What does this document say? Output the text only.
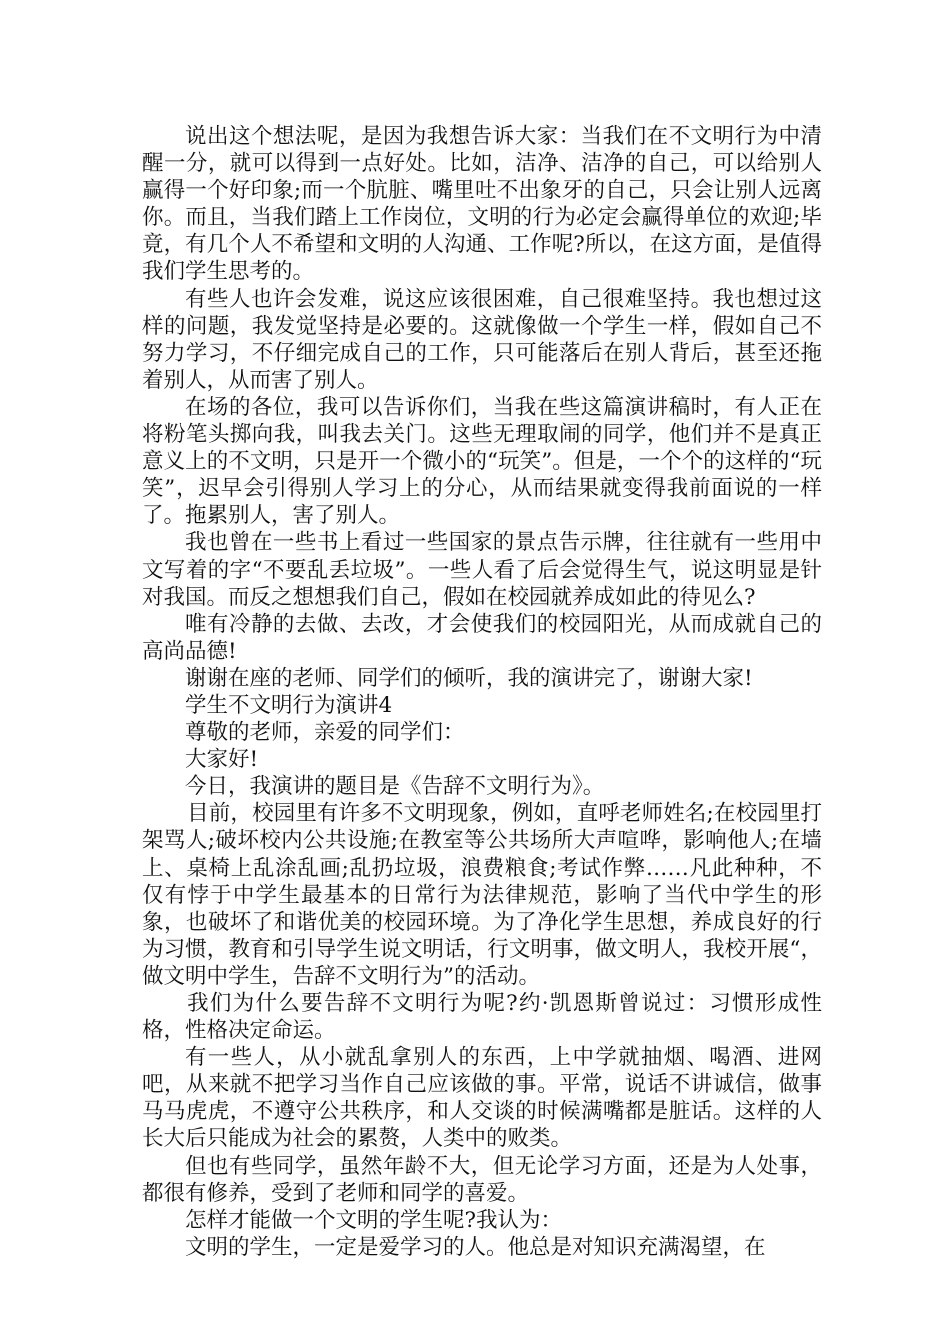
说出这个想法呢，是因为我想告诉大家：当我们在不文明行为中清醒一分，就可以得到一点好处。比如，洁净、洁净的自己，可以给别人赢得一个好印象;而一个肮脏、嘴里吐不出象牙的自己，只会让别人远离你。而且，当我们踏上工作岗位，文明的行为必定会赢得单位的欢迎;毕竟，有几个人不希望和文明的人沟通、工作呢?所以，在这方面，是值得我们学生思考的。

有些人也许会发难，说这应该很困难，自己很难坚持。我也想过这样的问题，我发觉坚持是必要的。这就像做一个学生一样，假如自己不努力学习，不仔细完成自己的工作，只可能落后在别人背后，甚至还拖着别人，从而害了别人。

在场的各位，我可以告诉你们，当我在些这篇演讲稿时，有人正在将粉笔头掷向我，叫我去关门。这些无理取闹的同学，他们并不是真正意义上的不文明，只是开一个微小的“玩笑”。但是，一个个的这样的“玩笑”，迟早会引得别人学习上的分心，从而结果就变得我前面说的一样了。拖累别人，害了别人。

我也曾在一些书上看过一些国家的景点告示牌，往往就有一些用中文写着的字“不要乱丢垃圾”。一些人看了后会觉得生气，说这明显是针对我国。而反之想想我们自己，假如在校园就养成如此的待见么?

唯有冷静的去做、去改，才会使我们的校园阳光，从而成就自己的高尚品德!

谢谢在座的老师、同学们的倾听，我的演讲完了，谢谢大家!

学生不文明行为演讲4

尊敬的老师，亲爱的同学们：

大家好!

今日，我演讲的题目是《告辞不文明行为》。

目前，校园里有许多不文明现象，例如，直呼老师姓名;在校园里打架骂人;破坏校内公共设施;在教室等公共场所大声喧哗，影响他人;在墙上、桌椅上乱涂乱画;乱扔垃圾，浪费粮食;考试作弊……凡此种种，不仅有悖于中学生最基本的日常行为法律规范，影响了当代中学生的形象，也破坏了和谐优美的校园环境。为了净化学生思想，养成良好的行为习惯，教育和引导学生说文明话，行文明事，做文明人，我校开展“，做文明中学生，告辞不文明行为”的活动。

我们为什么要告辞不文明行为呢?约·凯恩斯曾说过：习惯形成性格，性格决定命运。

有一些人，从小就乱拿别人的东西，上中学就抽烟、喝酒、进网吧，从来就不把学习当作自己应该做的事。平常，说话不讲诚信，做事马马虎虎，不遵守公共秩序，和人交谈的时候满嘴都是脏话。这样的人长大后只能成为社会的累赘，人类中的败类。

但也有些同学，虽然年龄不大，但无论学习方面，还是为人处事，都很有修养，受到了老师和同学的喜爱。

怎样才能做一个文明的学生呢?我认为：

文明的学生，一定是爱学习的人。他总是对知识充满渴望，在
